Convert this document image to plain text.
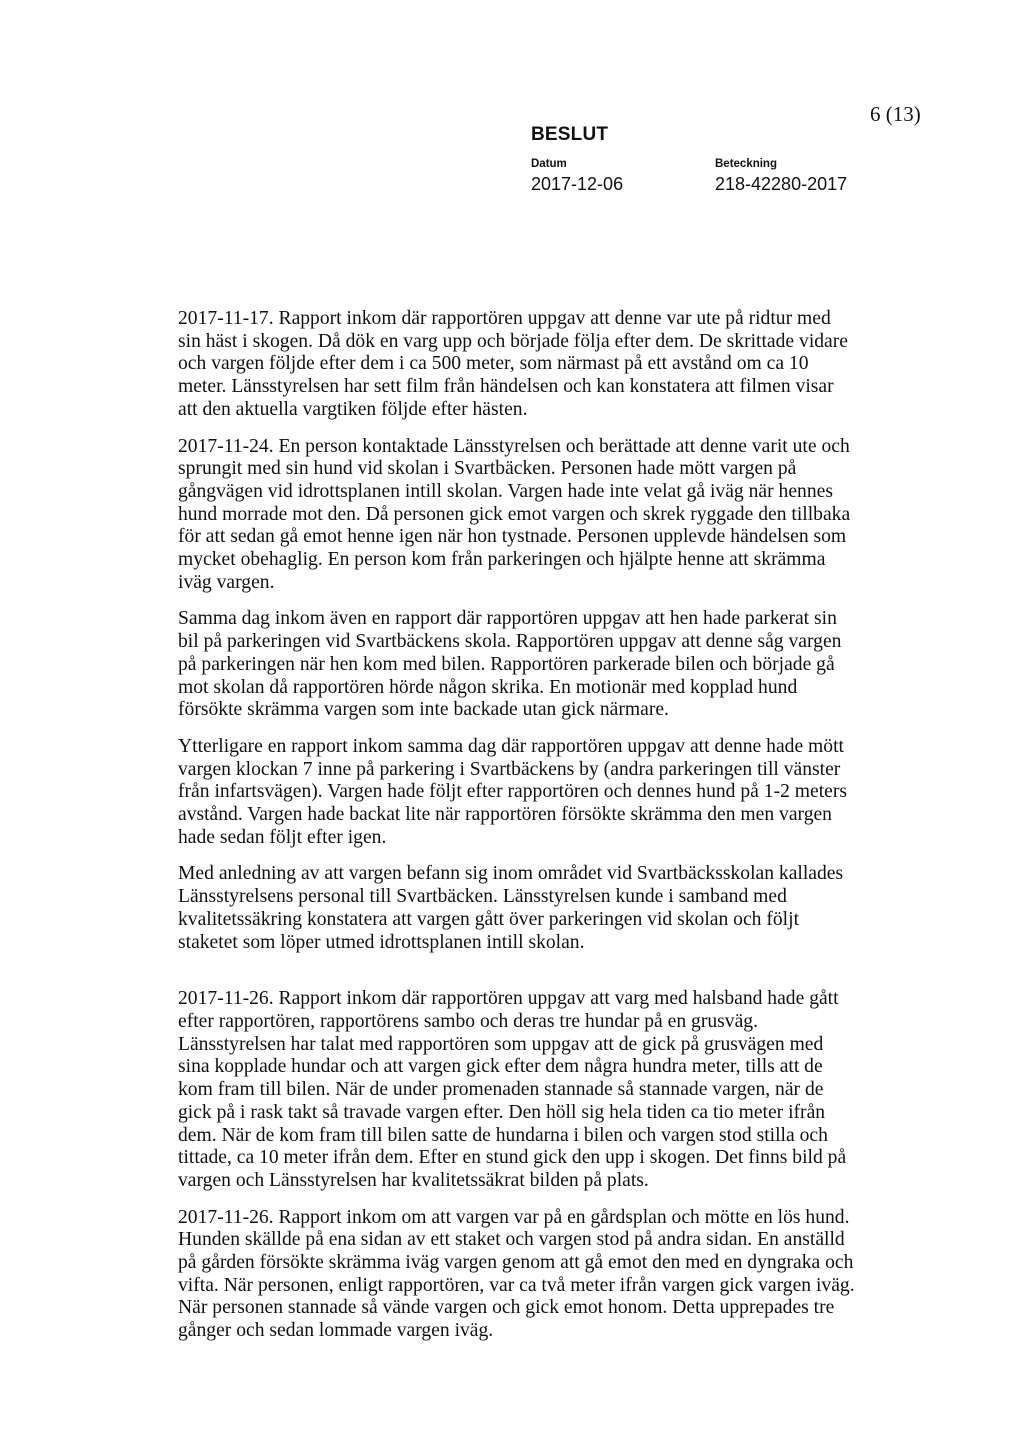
BESLUT
6 (13)
Datum
2017-12-06
Beteckning
218-42280-2017

2017-11-17. Rapport inkom där rapportören uppgav att denne var ute på ridtur med sin häst i skogen. Då dök en varg upp och började följa efter dem. De skrittade vidare och vargen följde efter dem i ca 500 meter, som närmast på ett avstånd om ca 10 meter. Länsstyrelsen har sett film från händelsen och kan konstatera att filmen visar att den aktuella vargtiken följde efter hästen.

2017-11-24. En person kontaktade Länsstyrelsen och berättade att denne varit ute och sprungit med sin hund vid skolan i Svartbäcken. Personen hade mött vargen på gångvägen vid idrottsplanen intill skolan. Vargen hade inte velat gå iväg när hennes hund morrade mot den. Då personen gick emot vargen och skrek ryggade den tillbaka för att sedan gå emot henne igen när hon tystnade. Personen upplevde händelsen som mycket obehaglig. En person kom från parkeringen och hjälpte henne att skrämma iväg vargen.

Samma dag inkom även en rapport där rapportören uppgav att hen hade parkerat sin bil på parkeringen vid Svartbäckens skola. Rapportören uppgav att denne såg vargen på parkeringen när hen kom med bilen. Rapportören parkerade bilen och började gå mot skolan då rapportören hörde någon skrika. En motionär med kopplad hund försökte skrämma vargen som inte backade utan gick närmare.

Ytterligare en rapport inkom samma dag där rapportören uppgav att denne hade mött vargen klockan 7 inne på parkering i Svartbäckens by (andra parkeringen till vänster från infartsvägen). Vargen hade följt efter rapportören och dennes hund på 1-2 meters avstånd. Vargen hade backat lite när rapportören försökte skrämma den men vargen hade sedan följt efter igen.

Med anledning av att vargen befann sig inom området vid Svartbäcksskolan kallades Länsstyrelsens personal till Svartbäcken. Länsstyrelsen kunde i samband med kvalitetssäkring konstatera att vargen gått över parkeringen vid skolan och följt staketet som löper utmed idrottsplanen intill skolan.

2017-11-26. Rapport inkom där rapportören uppgav att varg med halsband hade gått efter rapportören, rapportörens sambo och deras tre hundar på en grusväg. Länsstyrelsen har talat med rapportören som uppgav att de gick på grusvägen med sina kopplade hundar och att vargen gick efter dem några hundra meter, tills att de kom fram till bilen. När de under promenaden stannade så stannade vargen, när de gick på i rask takt så travade vargen efter. Den höll sig hela tiden ca tio meter ifrån dem. När de kom fram till bilen satte de hundarna i bilen och vargen stod stilla och tittade, ca 10 meter ifrån dem. Efter en stund gick den upp i skogen. Det finns bild på vargen och Länsstyrelsen har kvalitetssäkrat bilden på plats.

2017-11-26. Rapport inkom om att vargen var på en gårdsplan och mötte en lös hund. Hunden skällde på ena sidan av ett staket och vargen stod på andra sidan. En anställd på gården försökte skrämma iväg vargen genom att gå emot den med en dyngraka och vifta. När personen, enligt rapportören, var ca två meter ifrån vargen gick vargen iväg. När personen stannade så vände vargen och gick emot honom. Detta upprepades tre gånger och sedan lommade vargen iväg.
